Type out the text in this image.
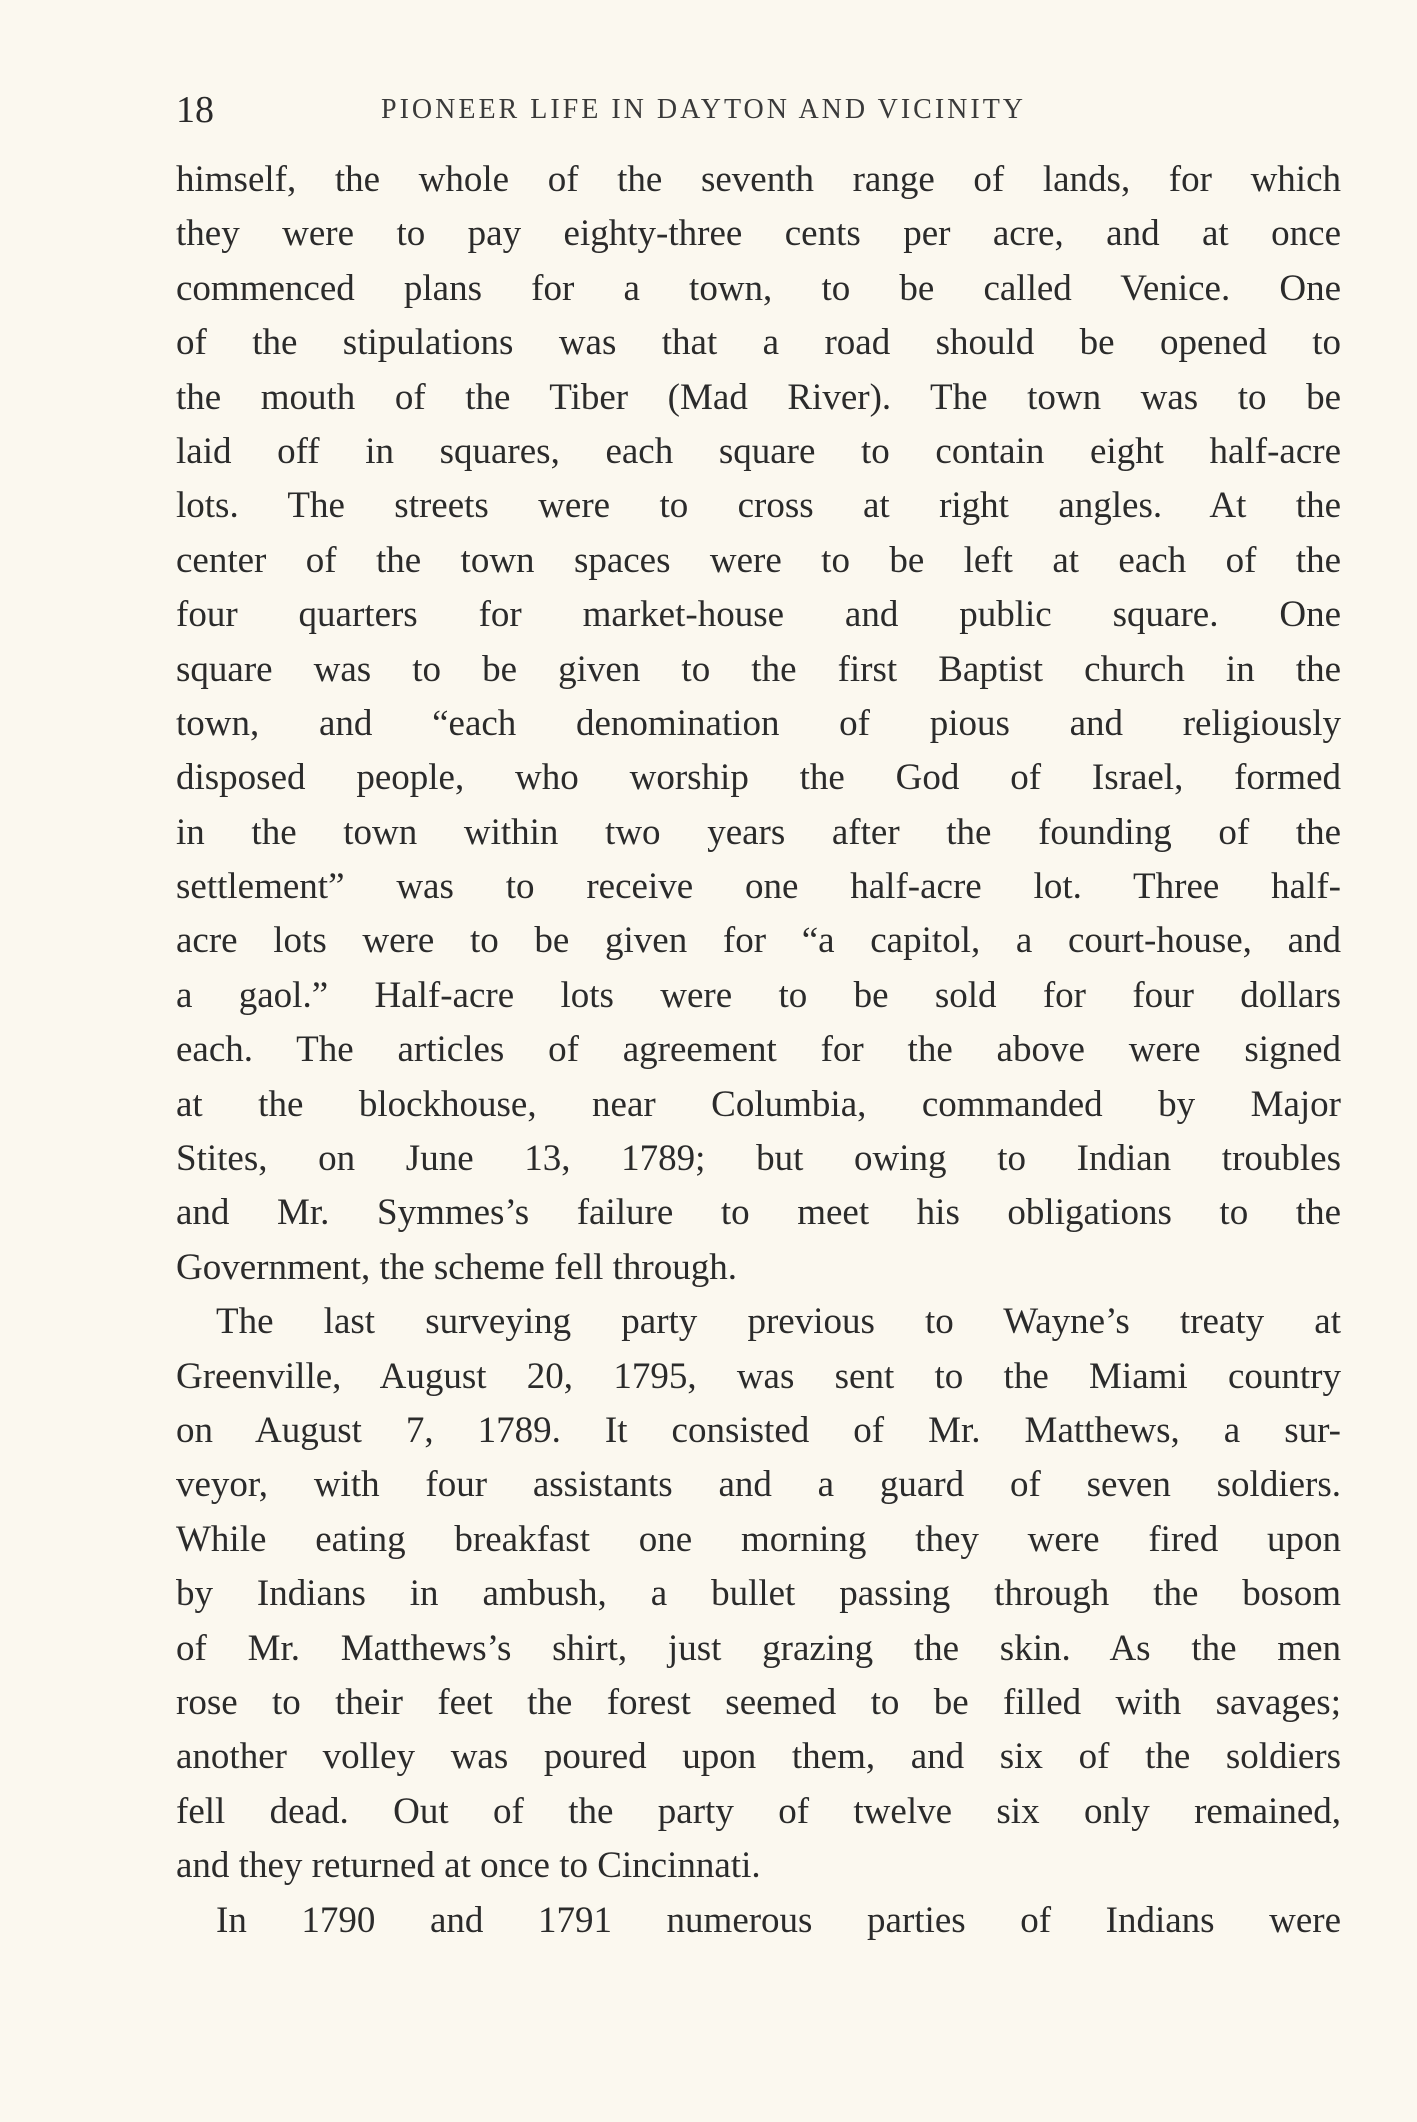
18	PIONEER LIFE IN DAYTON AND VICINITY
himself, the whole of the seventh range of lands, for which
they were to pay eighty-three cents per acre, and at once
commenced plans for a town, to be called Venice. One
of the stipulations was that a road should be opened to
the mouth of the Tiber (Mad River). The town was to be
laid off in squares, each square to contain eight half-acre
lots. The streets were to cross at right angles. At the
center of the town spaces were to be left at each of the
four quarters for market-house and public square. One
square was to be given to the first Baptist church in the
town, and “each denomination of pious and religiously
disposed people, who worship the God of Israel, formed
in the town within two years after the founding of the
settlement” was to receive one half-acre lot. Three half-
acre lots were to be given for “a capitol, a court-house, and
a gaol.” Half-acre lots were to be sold for four dollars
each. The articles of agreement for the above were signed
at the blockhouse, near Columbia, commanded by Major
Stites, on June 13, 1789; but owing to Indian troubles
and Mr. Symmes’s failure to meet his obligations to the
Government, the scheme fell through.
The last surveying party previous to Wayne’s treaty at
Greenville, August 20, 1795, was sent to the Miami country
on August 7, 1789. It consisted of Mr. Matthews, a sur-
veyor, with four assistants and a guard of seven soldiers.
While eating breakfast one morning they were fired upon
by Indians in ambush, a bullet passing through the bosom
of Mr. Matthews’s shirt, just grazing the skin. As the men
rose to their feet the forest seemed to be filled with savages;
another volley was poured upon them, and six of the soldiers
fell dead. Out of the party of twelve six only remained,
and they returned at once to Cincinnati.
In 1790 and 1791 numerous parties of Indians were
